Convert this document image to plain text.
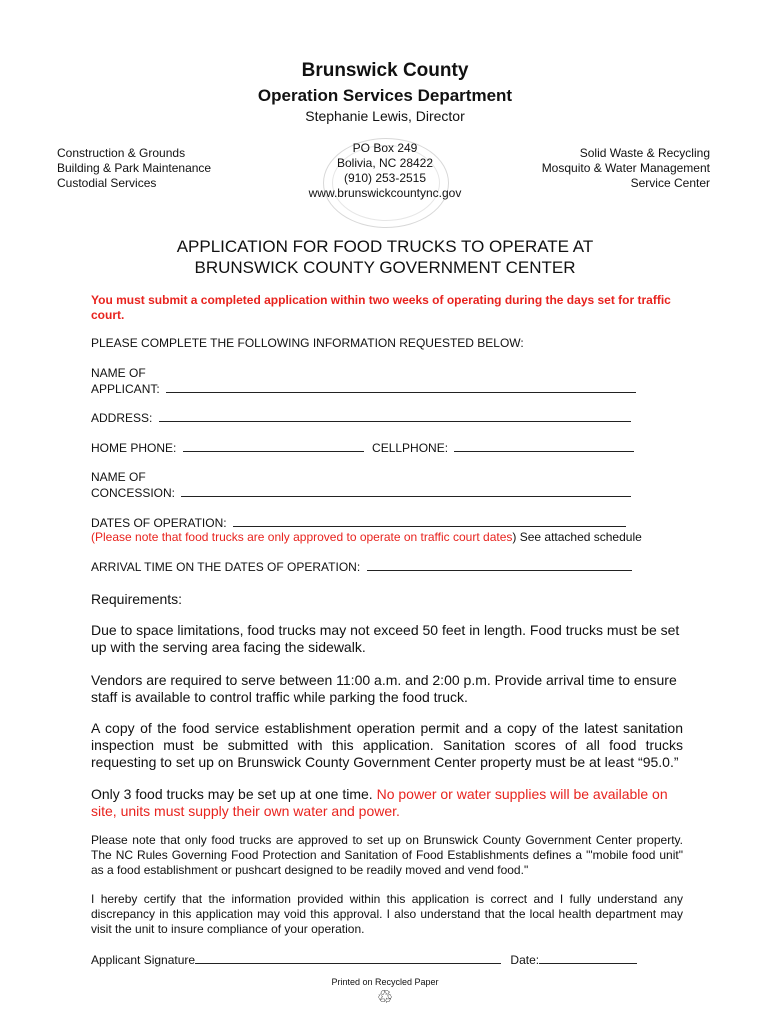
Brunswick County
Operation Services Department
Stephanie Lewis, Director
Construction & Grounds
Building & Park Maintenance
Custodial Services
PO Box 249
Bolivia, NC 28422
(910) 253-2515
www.brunswickcountync.gov
Solid Waste & Recycling
Mosquito & Water Management
Service Center
APPLICATION FOR FOOD TRUCKS TO OPERATE AT
BRUNSWICK COUNTY GOVERNMENT CENTER
You must submit a completed application within two weeks of operating during the days set for traffic court.
PLEASE COMPLETE THE FOLLOWING INFORMATION REQUESTED BELOW:
NAME OF
APPLICANT:
ADDRESS:
HOME PHONE:	CELLPHONE:
NAME OF
CONCESSION:
DATES OF OPERATION:
(Please note that food trucks are only approved to operate on traffic court dates) See attached schedule
ARRIVAL TIME ON THE DATES OF OPERATION:
Requirements:
Due to space limitations, food trucks may not exceed 50 feet in length. Food trucks must be set up with the serving area facing the sidewalk.
Vendors are required to serve between 11:00 a.m. and 2:00 p.m. Provide arrival time to ensure staff is available to control traffic while parking the food truck.
A copy of the food service establishment operation permit and a copy of the latest sanitation inspection must be submitted with this application. Sanitation scores of all food trucks requesting to set up on Brunswick County Government Center property must be at least “95.0.”
Only 3 food trucks may be set up at one time. No power or water supplies will be available on site, units must supply their own water and power.
Please note that only food trucks are approved to set up on Brunswick County Government Center property. The NC Rules Governing Food Protection and Sanitation of Food Establishments defines a "'mobile food unit" as a food establishment or pushcart designed to be readily moved and vend food."
I hereby certify that the information provided within this application is correct and I fully understand any discrepancy in this application may void this approval. I also understand that the local health department may visit the unit to insure compliance of your operation.
Applicant Signature	Date:
Printed on Recycled Paper
♲
